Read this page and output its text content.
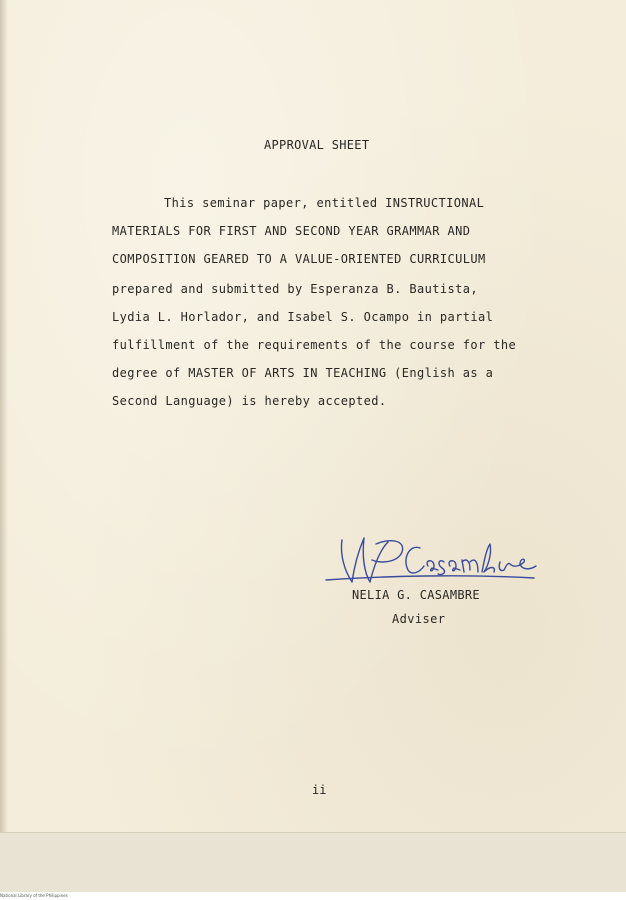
APPROVAL SHEET
This seminar paper, entitled INSTRUCTIONAL
MATERIALS FOR FIRST AND SECOND YEAR GRAMMAR AND
COMPOSITION GEARED TO A VALUE-ORIENTED CURRICULUM
prepared and submitted by Esperanza B. Bautista,
Lydia L. Horlador, and Isabel S. Ocampo in partial
fulfillment of the requirements of the course for the
degree of MASTER OF ARTS IN TEACHING (English as a
Second Language) is hereby accepted.
NELIA G. CASAMBRE
Adviser
ii
National Library of the Philippines
